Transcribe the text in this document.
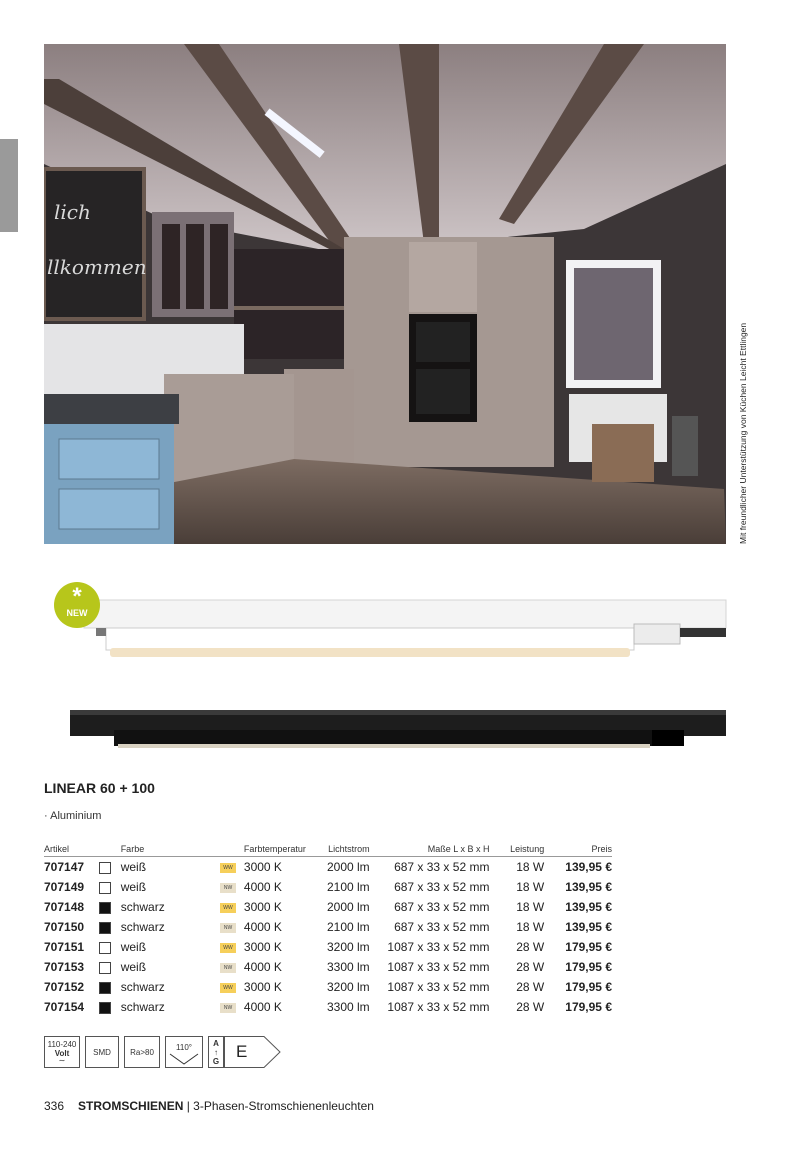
lich
llkommen
Mit freundlicher Unterstützung von Küchen Leicht Ettlingen
*
NEW
LINEAR 60 + 100
· Aluminium
Artikel		Farbe		Farbtemperatur	Lichtstrom	Maße L x B x H	Leistung	Preis
707147		weiß	WW	3000 K	2000 lm	687 x 33 x 52 mm	18 W	139,95 €
707149		weiß	NW	4000 K	2100 lm	687 x 33 x 52 mm	18 W	139,95 €
707148		schwarz	WW	3000 K	2000 lm	687 x 33 x 52 mm	18 W	139,95 €
707150		schwarz	NW	4000 K	2100 lm	687 x 33 x 52 mm	18 W	139,95 €
707151		weiß	WW	3000 K	3200 lm	1087 x 33 x 52 mm	28 W	179,95 €
707153		weiß	NW	4000 K	3300 lm	1087 x 33 x 52 mm	28 W	179,95 €
707152		schwarz	WW	3000 K	3200 lm	1087 x 33 x 52 mm	28 W	179,95 €
707154		schwarz	NW	4000 K	3300 lm	1087 x 33 x 52 mm	28 W	179,95 €
110-240
Volt
∼
SMD	Ra>80	110°	A
↑
G E
336 STROMSCHIENEN | 3-Phasen-Stromschienenleuchten
